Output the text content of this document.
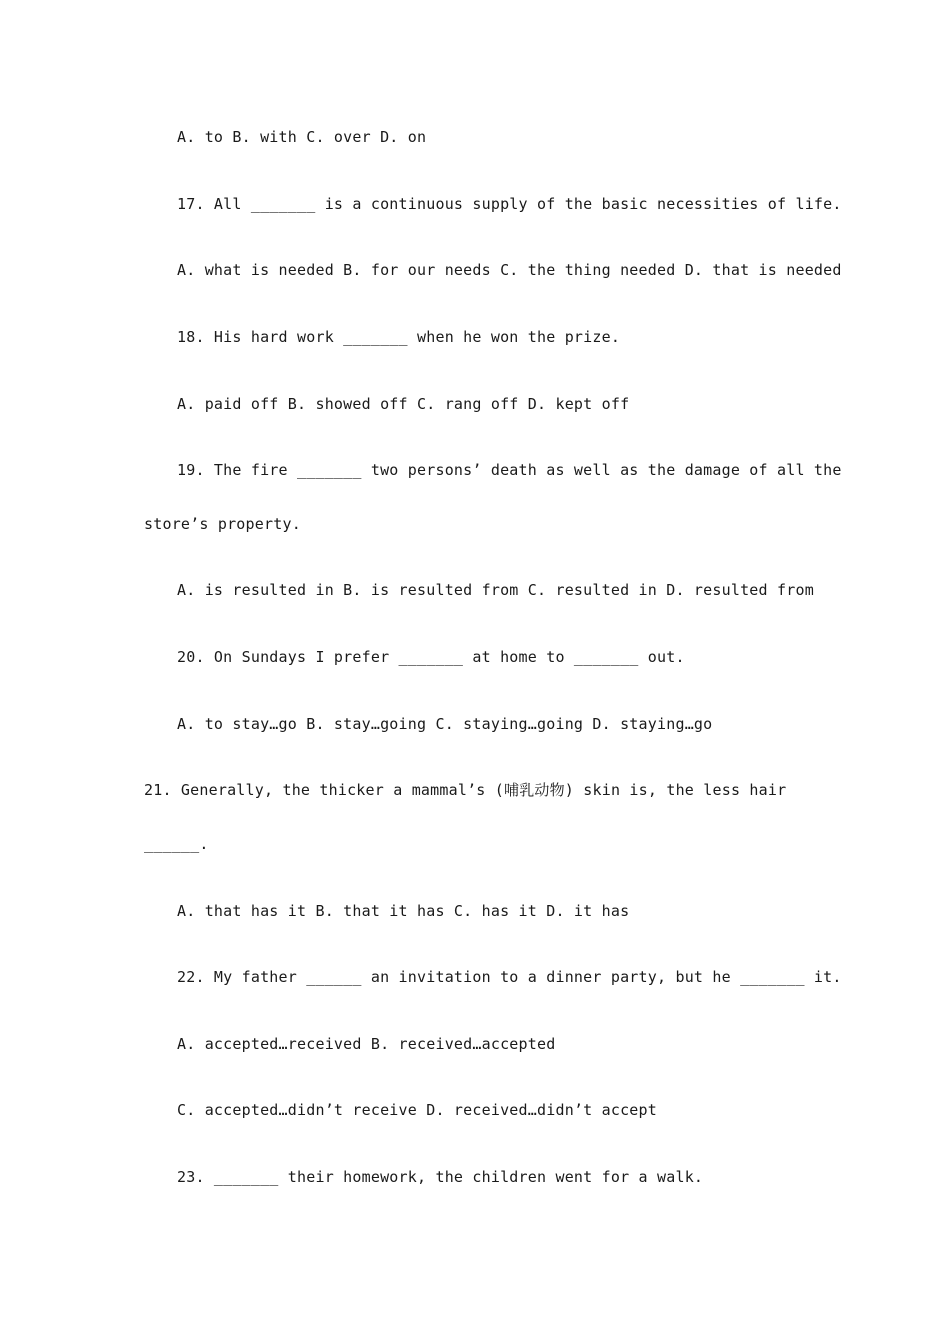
A. to B. with C. over D. on

17. All _______ is a continuous supply of the basic necessities of life.

A. what is needed B. for our needs C. the thing needed D. that is needed

18. His hard work _______ when he won the prize.

A. paid off B. showed off C. rang off D. kept off

19. The fire _______ two persons’ death as well as the damage of all the

store’s property.

A. is resulted in B. is resulted from C. resulted in D. resulted from

20. On Sundays I prefer _______ at home to _______ out.

A. to stay…go B. stay…going C. staying…going D. staying…go

21. Generally, the thicker a mammal’s (哺乳动物) skin is, the less hair

______.

A. that has it B. that it has C. has it D. it has

22. My father ______ an invitation to a dinner party, but he _______ it.

A. accepted…received B. received…accepted

C. accepted…didn’t receive D. received…didn’t accept

23. _______ their homework, the children went for a walk.
